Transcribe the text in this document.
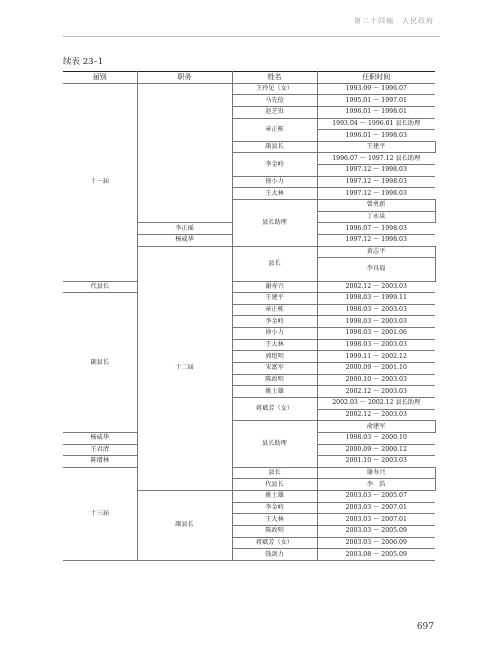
第二十四编　人民政府
续表 23–1
届别	职务	姓名	任职时间	
十一届		王玲见（女）	1993.09 ～ 1996.07	
		马先俭	1995.01 ～ 1997.01	
		赵芝贵	1996.01 ～ 1998.01	
		章正栋	1993.04 ～ 1996.01 县长助理	
			1996.01 ～ 1998.03	
		副县长	王建平	
		李金峙	1996.07 ～ 1997.12 县长助理	
			1997.12 ～ 1998.03	
		徐小力	1997.12 ～ 1998.03	
		王大林	1997.12 ～ 1998.03	
		县长助理	曾勇新	
			丁永泉	
	李正瑶		1996.07 ～ 1998.03	
	杨威华		1997.12 ～ 1998.03	
	十二届	县长	黄志平	
			李良福	

代县长		谢寿兴	2002.12 ～ 2003.03	
副县长		王建平	1998.03 ～ 1999.11	
		章正栋	1998.03 ～ 2003.03	
		李金峙	1998.03 ～ 2003.03	
		徐小力	1998.03 ～ 2001.06	
		王大林	1998.03 ～ 2003.03	
		郭煜明	1999.11 ～ 2002.12	
		宋富军	2000.09 ～ 2001.10	
		陈政明	2000.10 ～ 2003.03	
		姚士雄	2002.12 ～ 2003.03	
		蒋斌芳（女）	2002.03 ～ 2002.12 县长助理	
			2002.12 ～ 2003.03	
		县长助理	俞建军	
杨威华			1998.03 ～ 2000.10	
王君清			2000.09 ～ 2000.12	
陈增林			2001.10 ～ 2003.03	
十三届		县长	谢寿兴	
		代县长	李　浩	
	副县长	姚士雄	2003.03 ～ 2005.07	
		李金峙	2003.03 ～ 2007.01	
		王大林	2003.03 ～ 2007.01	
		陈政明	2003.03 ～ 2005.09	
		蒋斌芳（女）	2003.03 ～ 2006.09	
		钱剑力	2003.08 ～ 2005.09	
697
